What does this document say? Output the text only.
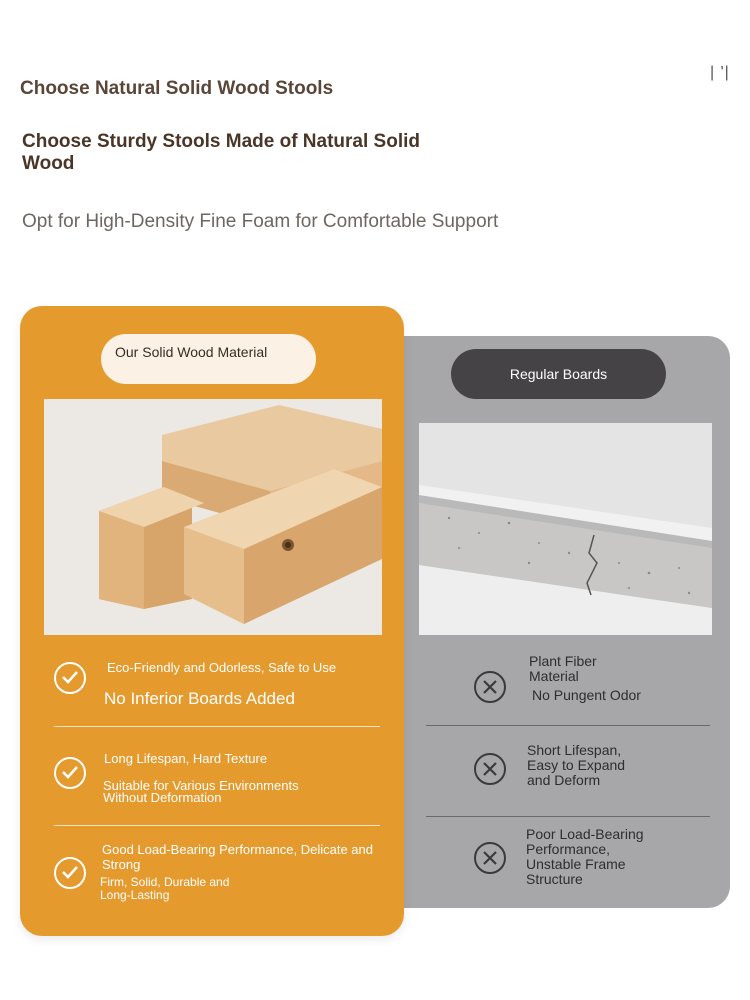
Choose Natural Solid Wood Stools
| '|
Choose Sturdy Stools Made of Natural Solid Wood
Opt for High-Density Fine Foam for Comfortable Support
Regular Boards
Plant Fiber Material
No Pungent Odor
Short Lifespan, Easy to Expand and Deform
Poor Load-Bearing Performance, Unstable Frame Structure
Our Solid Wood Material
Eco-Friendly and Odorless, Safe to Use
No Inferior Boards Added
Long Lifespan, Hard Texture
Suitable for Various Environments Without Deformation
Good Load-Bearing Performance, Delicate and Strong
Firm, Solid, Durable and Long-Lasting
